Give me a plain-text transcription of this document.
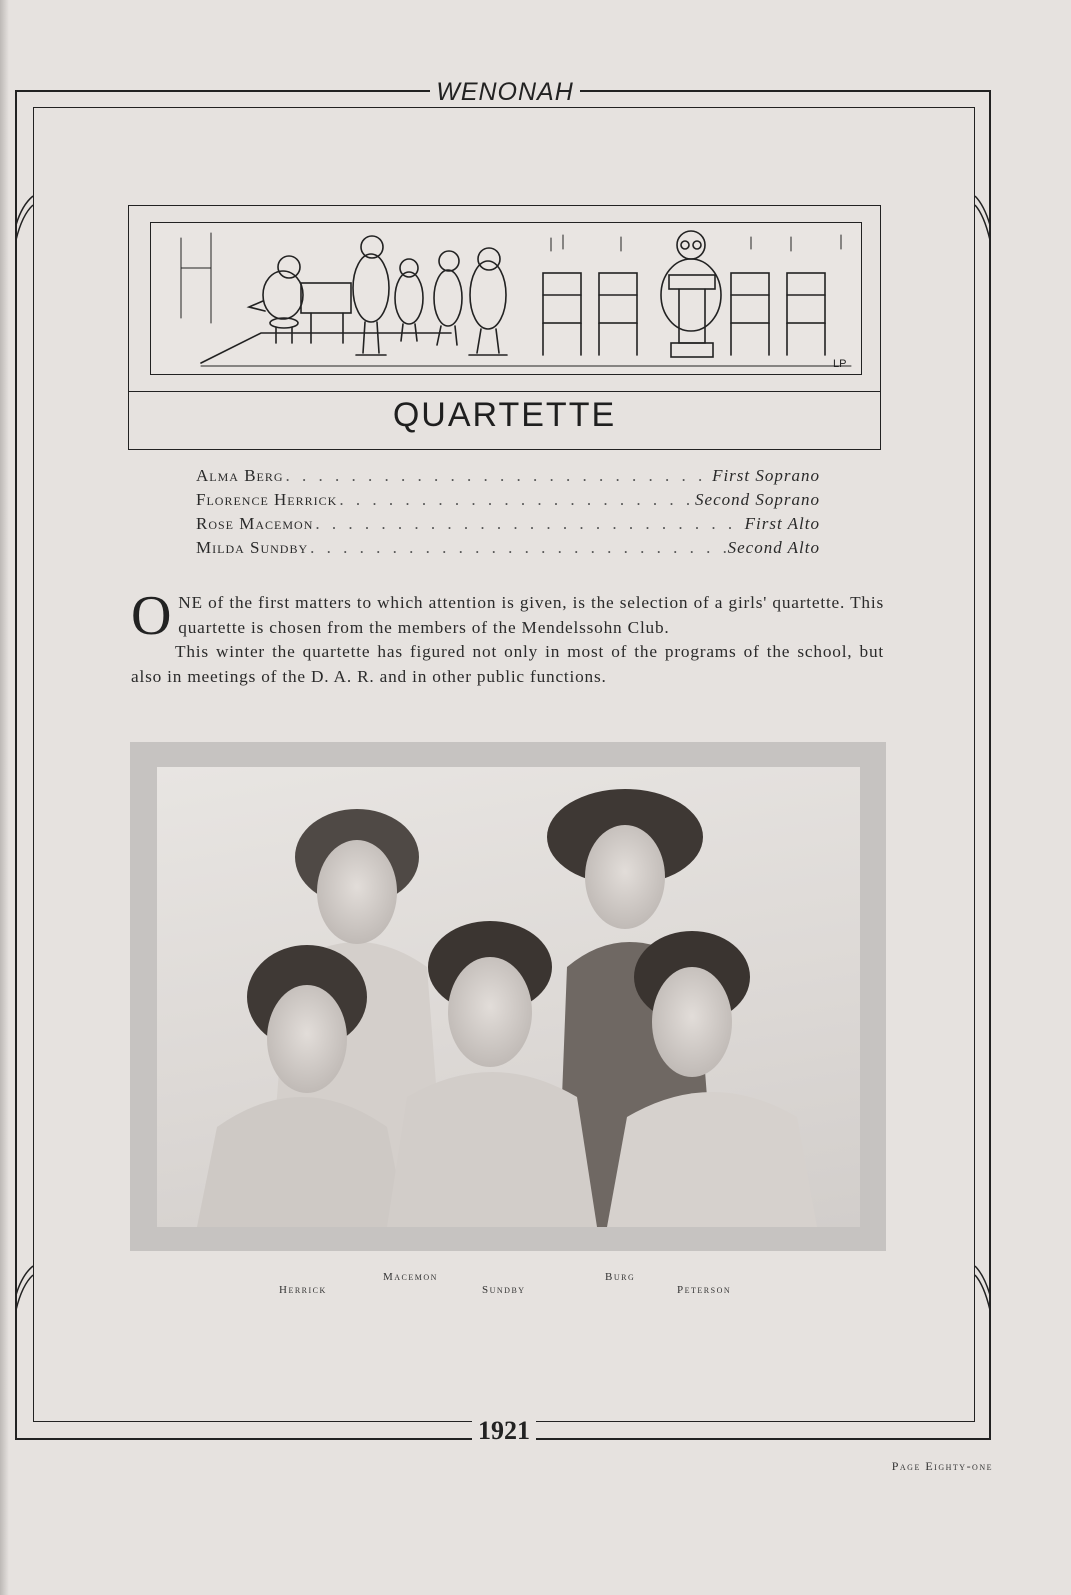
WENONAH
LP
QUARTETTE
Alma Berg . . .	First Soprano
Florence Herrick . . .	Second Soprano
Rose Macemon . . .	First Alto
Milda Sundby . . .	Second Alto

ONE of the first matters to which attention is given, is the selection of a girls' quartette. This quartette is chosen from the members of the Mendelssohn Club.

This winter the quartette has figured not only in most of the programs of the school, but also in meetings of the D. A. R. and in other public functions.

Herrick
Macemon
Sundby
Burg
Peterson
1921
Page Eighty-one
